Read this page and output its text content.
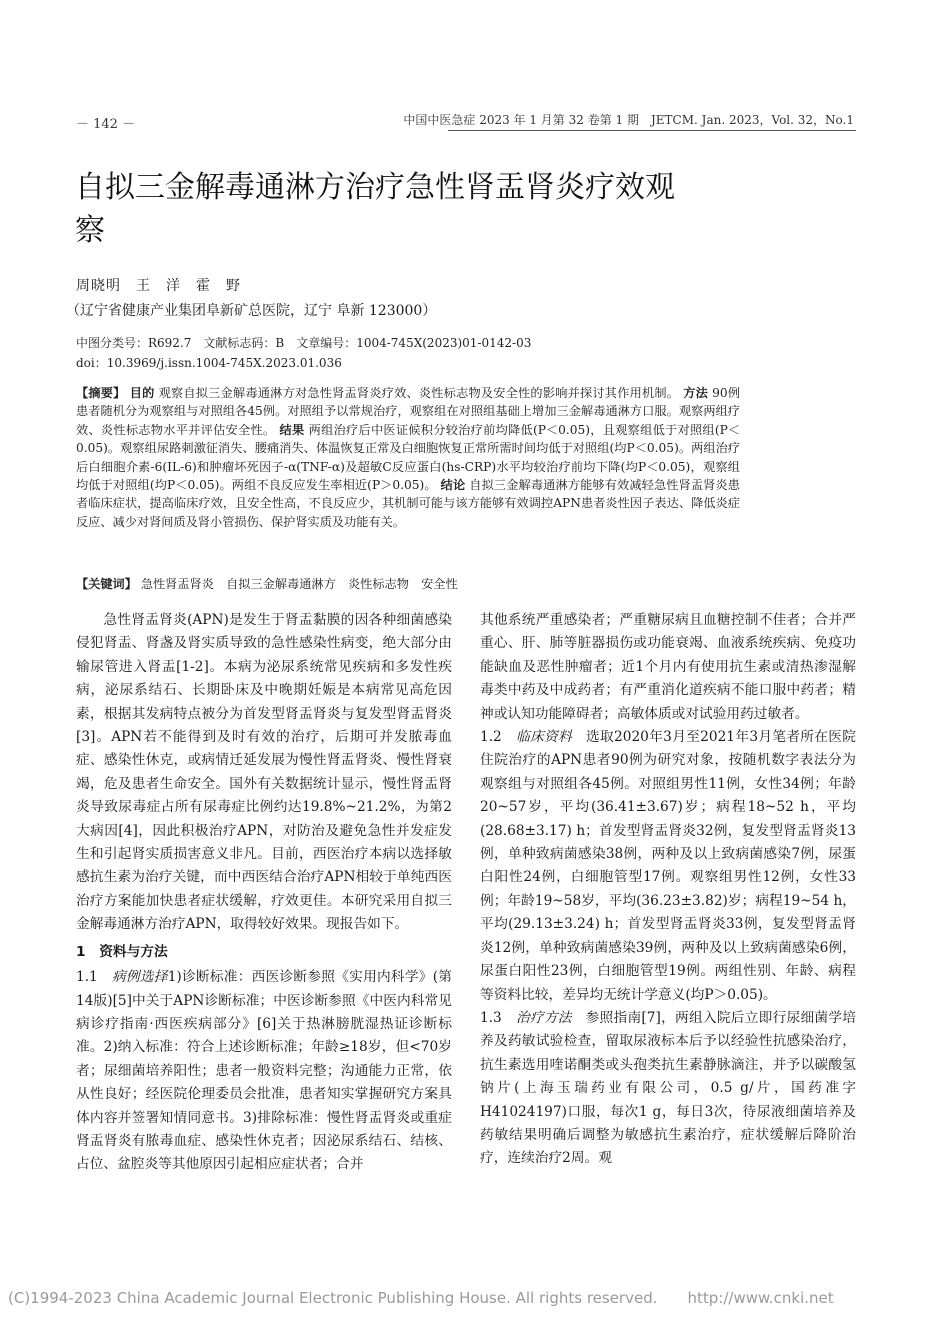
－ 142 －	中国中医急症 2023 年 1 月第 32 卷第 1 期　JETCM. Jan. 2023，Vol. 32，No.1
自拟三金解毒通淋方治疗急性肾盂肾炎疗效观察
周晓明　王　洋　霍　野
（辽宁省健康产业集团阜新矿总医院，辽宁 阜新 123000）
中图分类号：R692.7　文献标志码：B　文章编号：1004-745X(2023)01-0142-03
doi：10.3969/j.issn.1004-745X.2023.01.036
【摘要】 目的 观察自拟三金解毒通淋方对急性肾盂肾炎疗效、炎性标志物及安全性的影响并探讨其作用机制。 方法 90例患者随机分为观察组与对照组各45例。对照组予以常规治疗，观察组在对照组基础上增加三金解毒通淋方口服。观察两组疗效、炎性标志物水平并评估安全性。 结果 两组治疗后中医证候积分较治疗前均降低(P＜0.05)，且观察组低于对照组(P＜0.05)。观察组尿路刺激征消失、腰痛消失、体温恢复正常及白细胞恢复正常所需时间均低于对照组(均P＜0.05)。两组治疗后白细胞介素-6(IL-6)和肿瘤坏死因子-α(TNF-α)及超敏C反应蛋白(hs-CRP)水平均较治疗前均下降(均P＜0.05)，观察组均低于对照组(均P＜0.05)。两组不良反应发生率相近(P＞0.05)。 结论 自拟三金解毒通淋方能够有效减轻急性肾盂肾炎患者临床症状，提高临床疗效，且安全性高，不良反应少，其机制可能与该方能够有效调控APN患者炎性因子表达、降低炎症反应、减少对肾间质及肾小管损伤、保护肾实质及功能有关。
【关键词】 急性肾盂肾炎　自拟三金解毒通淋方　炎性标志物　安全性

急性肾盂肾炎(APN)是发生于肾盂黏膜的因各种细菌感染侵犯肾盂、肾盏及肾实质导致的急性感染性病变，绝大部分由输尿管进入肾盂[1-2]。本病为泌尿系统常见疾病和多发性疾病，泌尿系结石、长期卧床及中晚期妊娠是本病常见高危因素，根据其发病特点被分为首发型肾盂肾炎与复发型肾盂肾炎[3]。APN若不能得到及时有效的治疗，后期可并发脓毒血症、感染性休克，或病情迁延发展为慢性肾盂肾炎、慢性肾衰竭，危及患者生命安全。国外有关数据统计显示，慢性肾盂肾炎导致尿毒症占所有尿毒症比例约达19.8%~21.2%，为第2大病因[4]，因此积极治疗APN，对防治及避免急性并发症发生和引起肾实质损害意义非凡。目前，西医治疗本病以选择敏感抗生素为治疗关键，而中西医结合治疗APN相较于单纯西医治疗方案能加快患者症状缓解，疗效更佳。本研究采用自拟三金解毒通淋方治疗APN，取得较好效果。现报告如下。

1　资料与方法

1.1　病例选择1)诊断标准：西医诊断参照《实用内科学》(第14版)[5]中关于APN诊断标准；中医诊断参照《中医内科常见病诊疗指南·西医疾病部分》[6]关于热淋膀胱湿热证诊断标准。2)纳入标准：符合上述诊断标准；年龄≥18岁，但<70岁者；尿细菌培养阳性；患者一般资料完整；沟通能力正常，依从性良好；经医院伦理委员会批准，患者知实掌握研究方案具体内容并签署知情同意书。3)排除标准：慢性肾盂肾炎或重症肾盂肾炎有脓毒血症、感染性休克者；因泌尿系结石、结核、占位、盆腔炎等其他原因引起相应症状者；合并

其他系统严重感染者；严重糖尿病且血糖控制不佳者；合并严重心、肝、肺等脏器损伤或功能衰竭、血液系统疾病、免疫功能缺血及恶性肿瘤者；近1个月内有使用抗生素或清热渗湿解毒类中药及中成药者；有严重消化道疾病不能口服中药者；精神或认知功能障碍者；高敏体质或对试验用药过敏者。

1.2　临床资料　选取2020年3月至2021年3月笔者所在医院住院治疗的APN患者90例为研究对象，按随机数字表法分为观察组与对照组各45例。对照组男性11例，女性34例；年龄20~57岁，平均(36.41±3.67)岁；病程18~52 h，平均(28.68±3.17) h；首发型肾盂肾炎32例，复发型肾盂肾炎13例，单种致病菌感染38例，两种及以上致病菌感染7例，尿蛋白阳性24例，白细胞管型17例。观察组男性12例，女性33例；年龄19~58岁，平均(36.23±3.82)岁；病程19~54 h，平均(29.13±3.24) h；首发型肾盂肾炎33例，复发型肾盂肾炎12例，单种致病菌感染39例，两种及以上致病菌感染6例，尿蛋白阳性23例，白细胞管型19例。两组性别、年龄、病程等资料比较，差异均无统计学意义(均P＞0.05)。

1.3　治疗方法　参照指南[7]，两组入院后立即行尿细菌学培养及药敏试验检查，留取尿液标本后予以经验性抗感染治疗，抗生素选用喹诺酮类或头孢类抗生素静脉滴注，并予以碳酸氢钠片(上海玉瑞药业有限公司，0.5 g/片，国药准字H41024197)口服，每次1 g，每日3次，待尿液细菌培养及药敏结果明确后调整为敏感抗生素治疗，症状缓解后降阶治疗，连续治疗2周。观

(C)1994-2023 China Academic Journal Electronic Publishing House. All rights reserved.　　http://www.cnki.net
